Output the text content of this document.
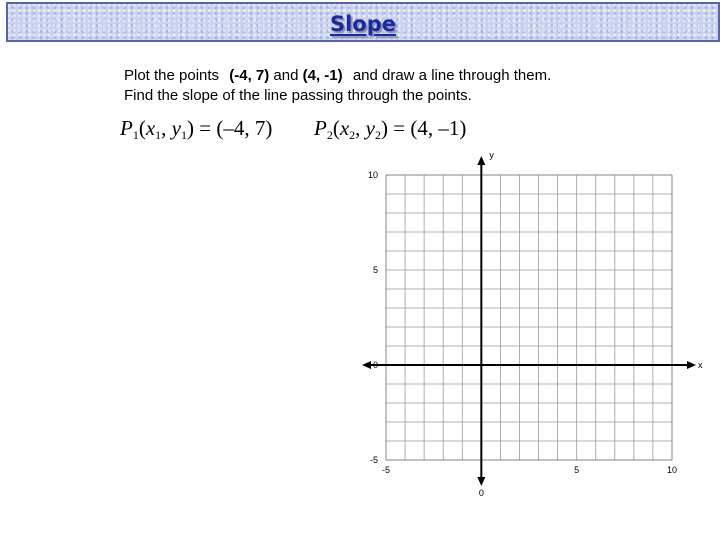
Slope
Plot the points (-4, 7) and (4, -1) and draw a line through them.
Find the slope of the line passing through the points.
$P_1(x_1$, $y_1) = (-4$, 7) $P_2(x_2$, $y_2) = (4$, –1)
10
5
0
-5
-5	5	10
0
y
x
